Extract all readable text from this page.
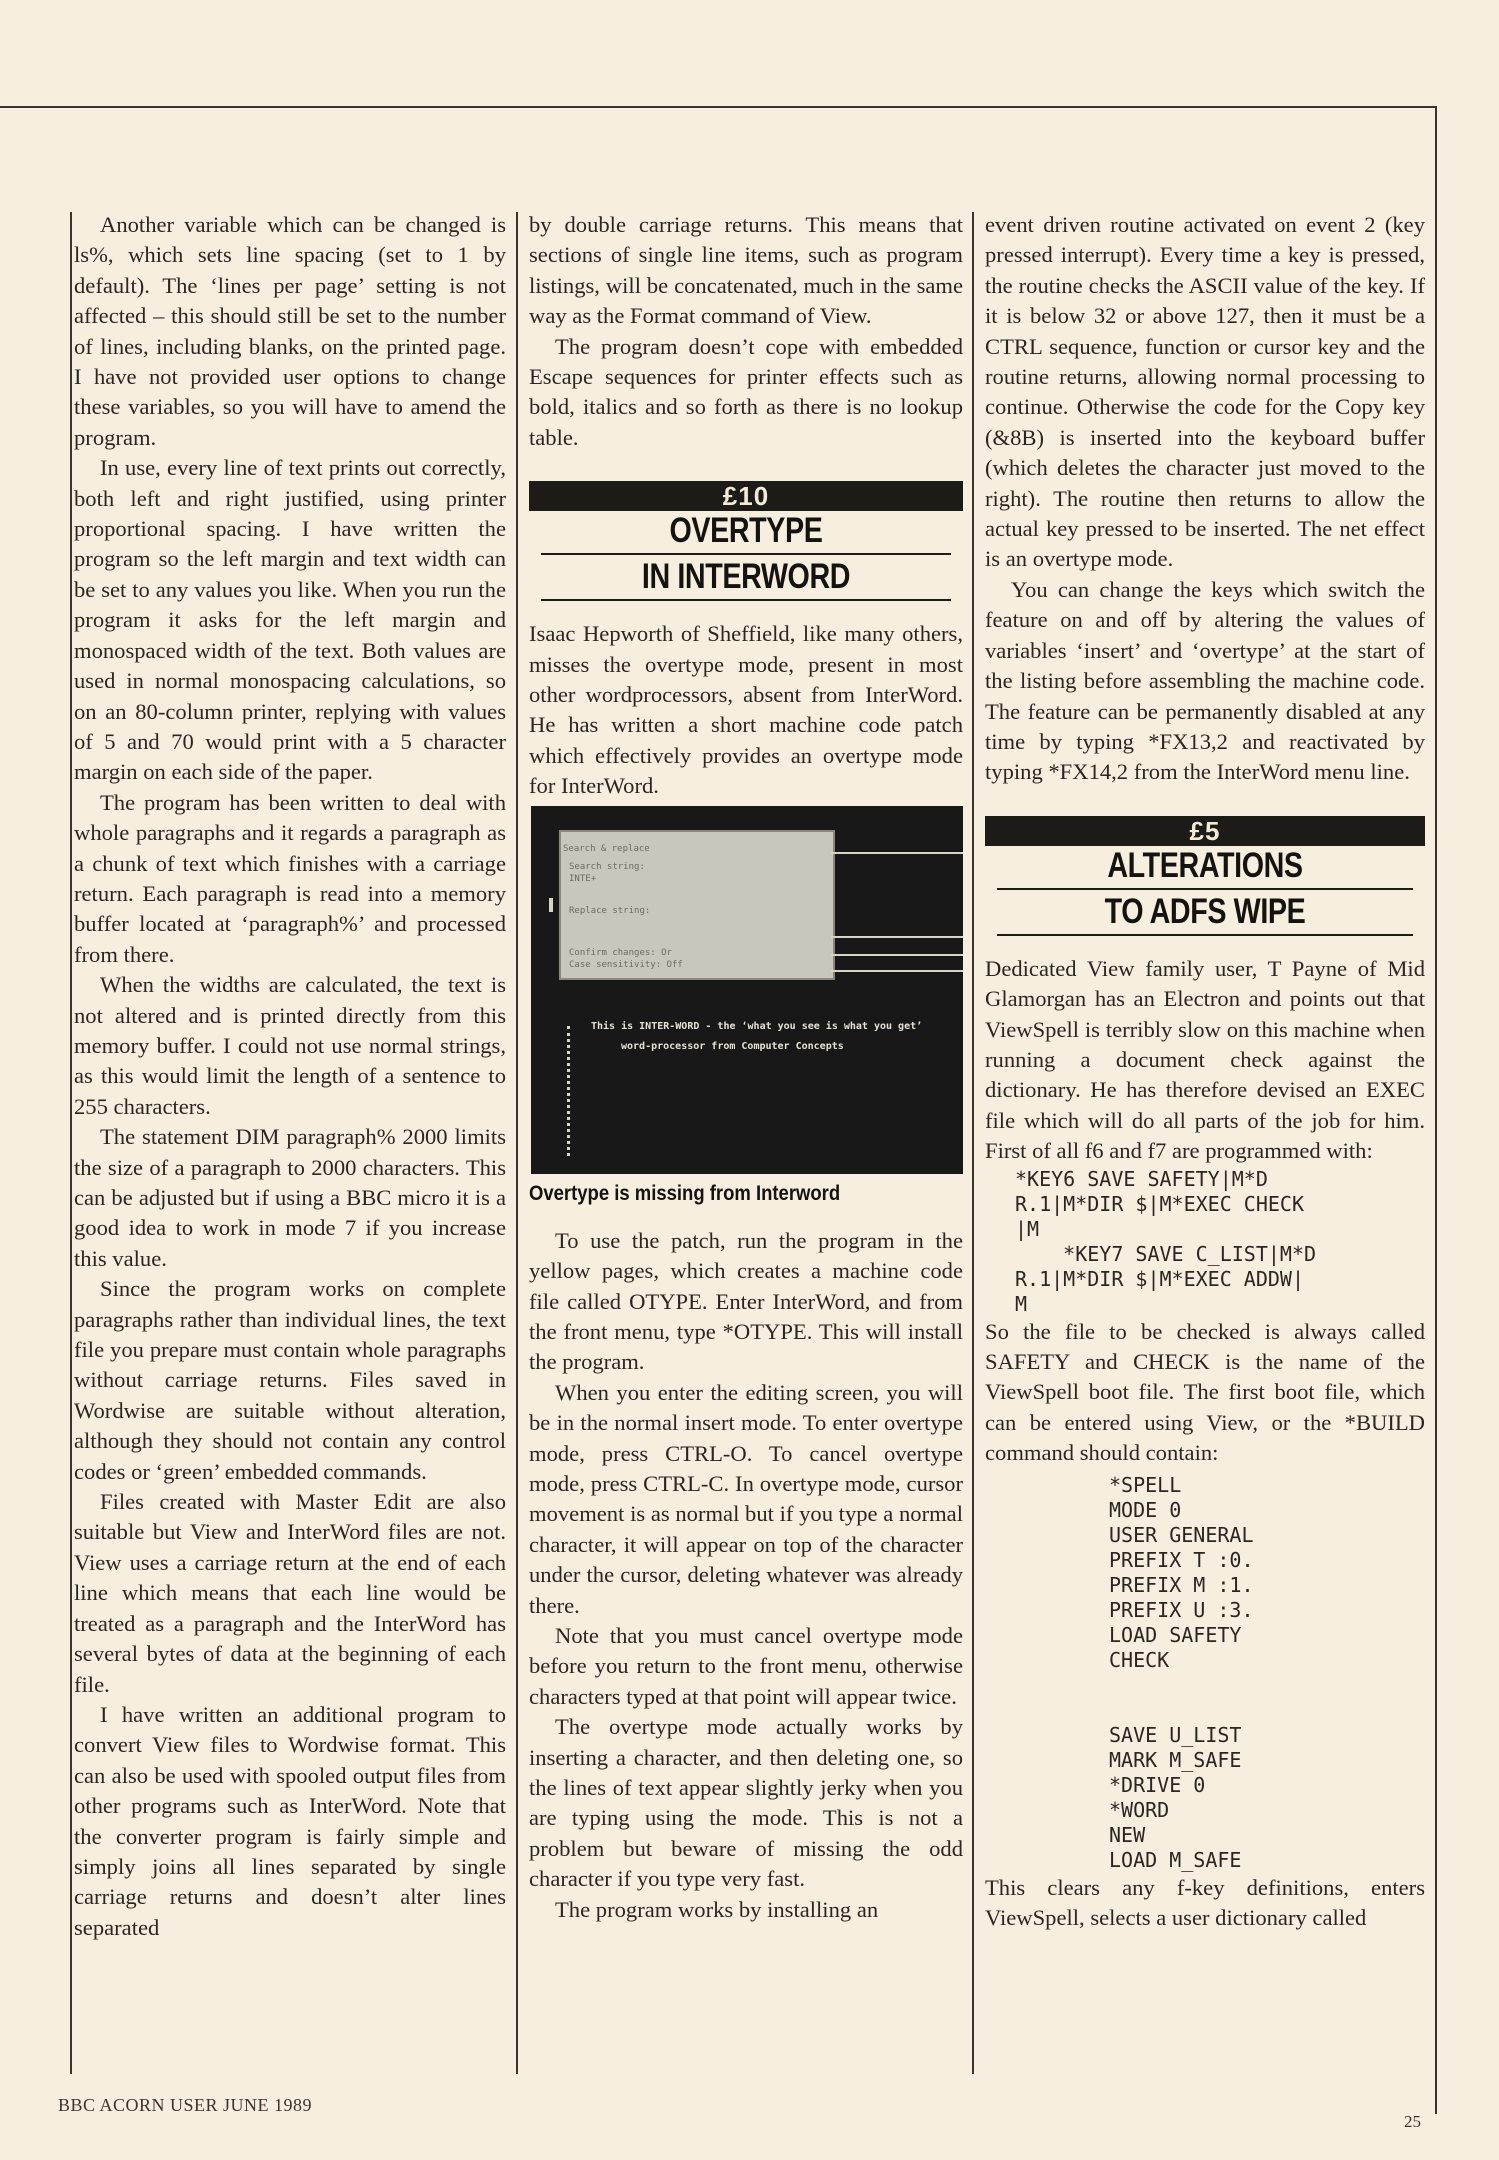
Another variable which can be changed is ls%, which sets line spacing (set to 1 by default). The ‘lines per page’ setting is not affected – this should still be set to the number of lines, including blanks, on the printed page. I have not provided user options to change these variables, so you will have to amend the program.

In use, every line of text prints out correctly, both left and right justified, using printer proportional spacing. I have written the program so the left margin and text width can be set to any values you like. When you run the program it asks for the left margin and monospaced width of the text. Both values are used in normal monospacing calculations, so on an 80-column printer, replying with values of 5 and 70 would print with a 5 character margin on each side of the paper.

The program has been written to deal with whole paragraphs and it regards a paragraph as a chunk of text which finishes with a carriage return. Each paragraph is read into a memory buffer located at ‘paragraph%’ and processed from there.

When the widths are calculated, the text is not altered and is printed directly from this memory buffer. I could not use normal strings, as this would limit the length of a sentence to 255 characters.

The statement DIM paragraph% 2000 limits the size of a paragraph to 2000 characters. This can be adjusted but if using a BBC micro it is a good idea to work in mode 7 if you increase this value.

Since the program works on complete paragraphs rather than individual lines, the text file you prepare must contain whole paragraphs without carriage returns. Files saved in Wordwise are suitable without alteration, although they should not contain any control codes or ‘green’ embedded commands.

Files created with Master Edit are also suitable but View and InterWord files are not. View uses a carriage return at the end of each line which means that each line would be treated as a paragraph and the InterWord has several bytes of data at the beginning of each file.

I have written an additional program to convert View files to Wordwise format. This can also be used with spooled output files from other programs such as InterWord. Note that the converter program is fairly simple and simply joins all lines separated by single carriage returns and doesn’t alter lines separated

by double carriage returns. This means that sections of single line items, such as program listings, will be concatenated, much in the same way as the Format command of View.

The program doesn’t cope with embedded Escape sequences for printer effects such as bold, italics and so forth as there is no lookup table.

£10
OVERTYPE
IN INTERWORD

Isaac Hepworth of Sheffield, like many others, misses the overtype mode, present in most other wordprocessors, absent from InterWord. He has written a short machine code patch which effectively provides an overtype mode for InterWord.

Search & replace
Search string:
INTE+
Replace string:
Confirm changes: Or
Case sensitivity: Off
This is INTER-WORD - the ‘what you see is what you get’
word-processor from Computer Concepts
Overtype is missing from Interword

To use the patch, run the program in the yellow pages, which creates a machine code file called OTYPE. Enter InterWord, and from the front menu, type *OTYPE. This will install the program.

When you enter the editing screen, you will be in the normal insert mode. To enter overtype mode, press CTRL-O. To cancel overtype mode, press CTRL-C. In overtype mode, cursor movement is as normal but if you type a normal character, it will appear on top of the character under the cursor, deleting whatever was already there.

Note that you must cancel overtype mode before you return to the front menu, otherwise characters typed at that point will appear twice.

The overtype mode actually works by inserting a character, and then deleting one, so the lines of text appear slightly jerky when you are typing using the mode. This is not a problem but beware of missing the odd character if you type very fast.

The program works by installing an

event driven routine activated on event 2 (key pressed interrupt). Every time a key is pressed, the routine checks the ASCII value of the key. If it is below 32 or above 127, then it must be a CTRL sequence, function or cursor key and the routine returns, allowing normal processing to continue. Otherwise the code for the Copy key (&8B) is inserted into the keyboard buffer (which deletes the character just moved to the right). The routine then returns to allow the actual key pressed to be inserted. The net effect is an overtype mode.

You can change the keys which switch the feature on and off by altering the values of variables ‘insert’ and ‘overtype’ at the start of the listing before assembling the machine code. The feature can be permanently disabled at any time by typing *FX13,2 and reactivated by typing *FX14,2 from the InterWord menu line.

£5
ALTERATIONS
TO ADFS WIPE

Dedicated View family user, T Payne of Mid Glamorgan has an Electron and points out that ViewSpell is terribly slow on this machine when running a document check against the dictionary. He has therefore devised an EXEC file which will do all parts of the job for him. First of all f6 and f7 are programmed with:

*KEY6 SAVE SAFETY|M*D
R.1|M*DIR $|M*EXEC CHECK
|M
*KEY7 SAVE C_LIST|M*D
R.1|M*DIR $|M*EXEC ADDW|
M

So the file to be checked is always called SAFETY and CHECK is the name of the ViewSpell boot file. The first boot file, which can be entered using View, or the *BUILD command should contain:

*SPELL
MODE 0
USER GENERAL
PREFIX T :0.
PREFIX M :1.
PREFIX U :3.
LOAD SAFETY
CHECK

SAVE U_LIST
MARK M_SAFE
*DRIVE 0
*WORD
NEW
LOAD M_SAFE

This clears any f-key definitions, enters ViewSpell, selects a user dictionary called

BBC ACORN USER JUNE 1989
25
